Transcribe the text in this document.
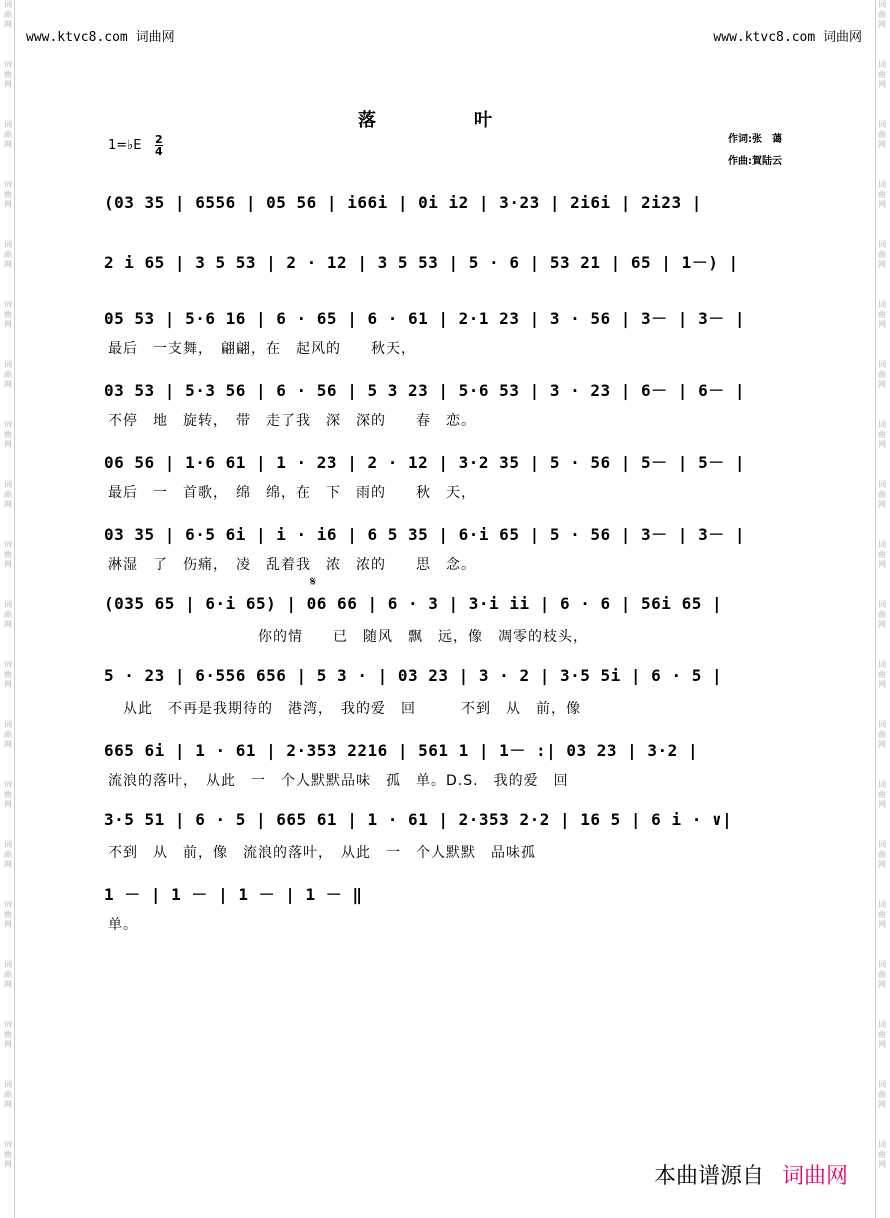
词
曲
网
词
曲
网
词
曲
网
词
曲
网
词
曲
网
词
曲
网
词
曲
网
词
曲
网
词
曲
网
词
曲
网
词
曲
网
词
曲
网
词
曲
网
词
曲
网
词
曲
网
词
曲
网
词
曲
网
词
曲
网
词
曲
网
词
曲
网
词
曲
网
词
曲
网
词
曲
网
词
曲
网
词
曲
网
词
曲
网
词
曲
网
词
曲
网
词
曲
网
词
曲
网
词
曲
网
词
曲
网
词
曲
网
词
曲
网
词
曲
网
词
曲
网
词
曲
网
词
曲
网
词
曲
网
词
曲
网
www.ktvc8.com 词曲网	www.ktvc8.com 词曲网
落　叶
1=♭E 2
4
作词:张　蔼
作曲:賀陆云
(03 35 | 6556 | 05 56 | i66i | 0i i2 | 3·23 | 2i6i | 2i23 |
2 i 65 | 3 5 53 | 2 · 12 | 3 5 53 | 5 · 6 | 53 21 | 65 | 1－) |
05 53 | 5·6 16 | 6 · 65 | 6 · 61 | 2·1 23 | 3 · 56 | 3－ | 3－ |
最后　一支舞，　翩翩，在　起风的　　秋天，
03 53 | 5·3 56 | 6 · 56 | 5 3 23 | 5·6 53 | 3 · 23 | 6－ | 6－ |
不停　地　旋转，　带　走了我　深　深的　　春　恋。
06 56 | 1·6 61 | 1 · 23 | 2 · 12 | 3·2 35 | 5 · 56 | 5－ | 5－ |
最后　一　首歌，　绵　绵，在　下　雨的　　秋　天，
03 35 | 6·5 6i | i · i6 | 6 5 35 | 6·i 65 | 5 · 56 | 3－ | 3－ |
淋湿　了　伤痛，　凌　乱着我　浓　浓的　　思　念。
𝄋
(035 65 | 6·i 65) | 06 66 | 6 · 3 | 3·i ii | 6 · 6 | 56i 65 |
　　　　　　　　　　你的情　　已　随风　飘　远，像　凋零的枝头，
5 · 23 | 6·556 656 | 5 3 · | 03 23 | 3 · 2 | 3·5 5i | 6 · 5 |
　从此　不再是我期待的　港湾，　我的爱　回　　　不到　从　前，像
665 6i | 1 · 61 | 2·353 2216 | 561 1 | 1－ :| 03 23 | 3·2 |
流浪的落叶，　从此　一　个人默默品味　孤　单。D.S.　我的爱　回
3·5 51 | 6 · 5 | 665 61 | 1 · 61 | 2·353 2·2 | 16 5 | 6 i · ∨|
不到　从　前，像　流浪的落叶，　从此　一　个人默默　品味孤
1 － | 1 － | 1 － | 1 － ‖
单。
本曲谱源自 词曲网
